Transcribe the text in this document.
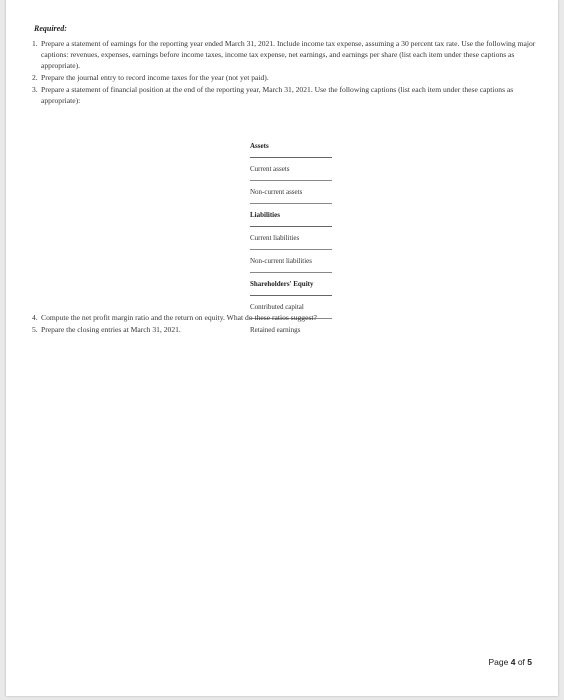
Required:
1. Prepare a statement of earnings for the reporting year ended March 31, 2021. Include income tax expense, assuming a 30 percent tax rate. Use the following major captions: revenues, expenses, earnings before income taxes, income tax expense, net earnings, and earnings per share (list each item under these captions as appropriate).
2. Prepare the journal entry to record income taxes for the year (not yet paid).
3. Prepare a statement of financial position at the end of the reporting year, March 31, 2021. Use the following captions (list each item under these captions as appropriate):
Assets
Current assets
Non-current assets
Liabilities
Current liabilities
Non-current liabilities
Shareholders' Equity
Contributed capital
Retained earnings
4. Compute the net profit margin ratio and the return on equity. What do these ratios suggest?
5. Prepare the closing entries at March 31, 2021.
Page 4 of 5
